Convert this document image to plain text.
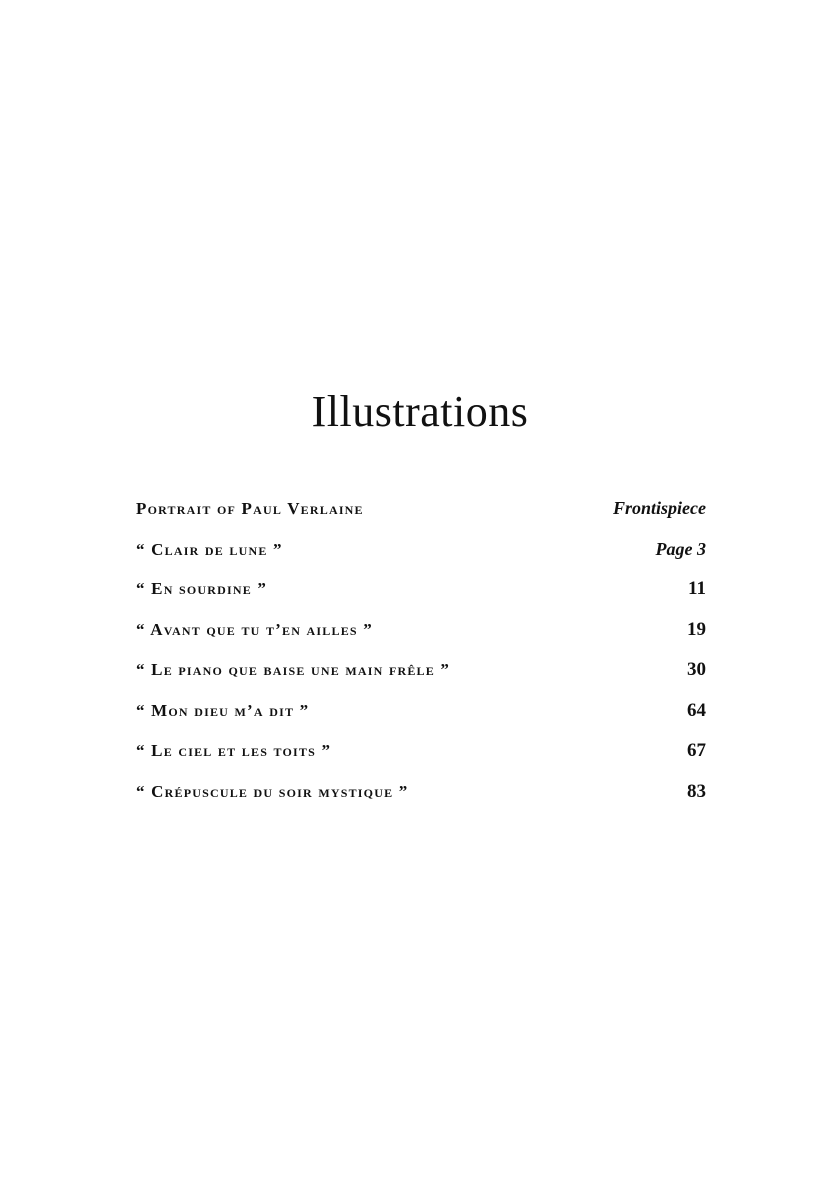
Illustrations
Portrait of Paul Verlaine	Frontispiece
“ Clair de lune ”	Page 3
“ En sourdine ”	11
“ Avant que tu t’en ailles ”	19
“ Le piano que baise une main frêle ”	30
“ Mon dieu m’a dit ”	64
“ Le ciel et les toits ”	67
“ Crépuscule du soir mystique ”	83
